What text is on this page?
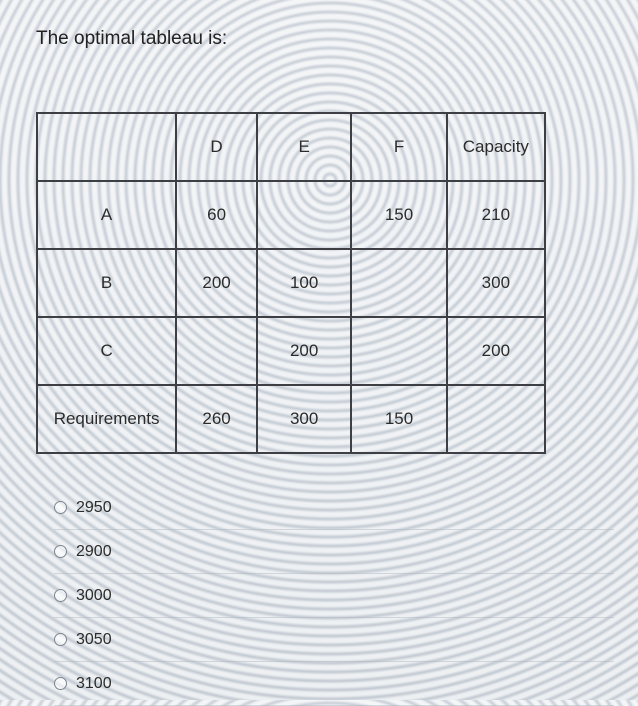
The optimal tableau is:
	D	E	F	Capacity
A	60		150	210
B	200	100		300
C		200		200
Requirements	260	300	150	
2950
2900
3000
3050
3100
